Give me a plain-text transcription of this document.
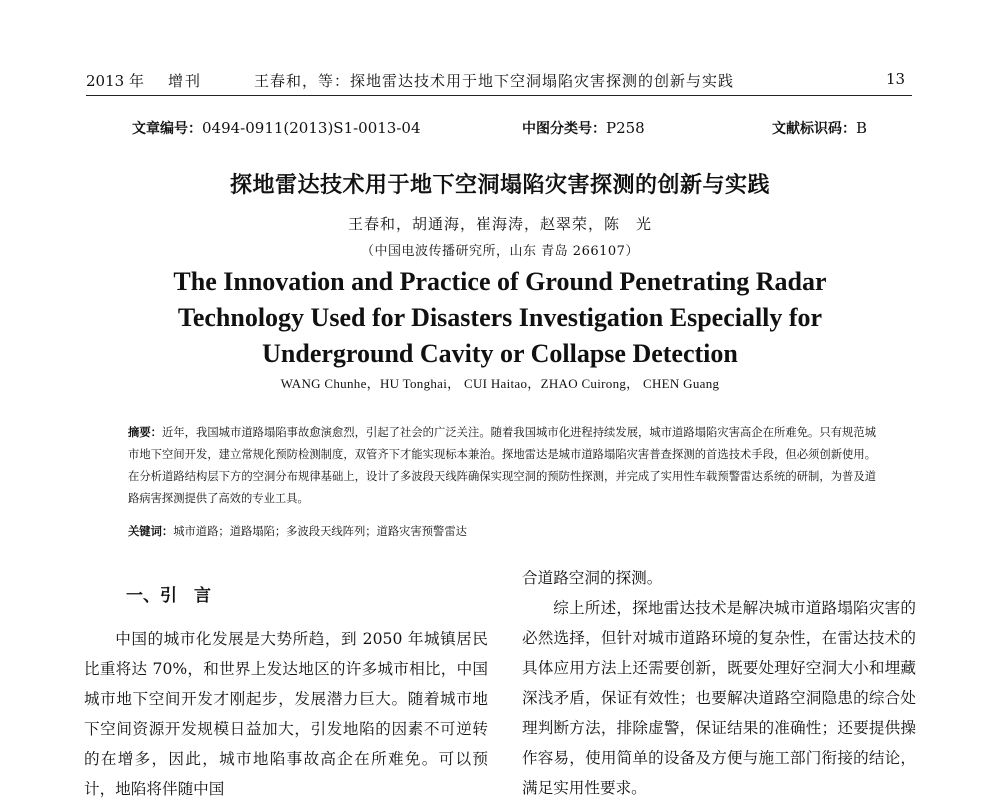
2013 年 增刊	王春和，等：探地雷达技术用于地下空洞塌陷灾害探测的创新与实践	13
文章编号：0494-0911(2013)S1-0013-04	中图分类号：P258	文献标识码：B
探地雷达技术用于地下空洞塌陷灾害探测的创新与实践
王春和，胡通海，崔海涛，赵翠荣，陈　光
（中国电波传播研究所，山东 青岛 266107）
The Innovation and Practice of Ground Penetrating Radar Technology Used for Disasters Investigation Especially for Underground Cavity or Collapse Detection
WANG Chunhe，HU Tonghai， CUI Haitao，ZHAO Cuirong， CHEN Guang
摘要：近年，我国城市道路塌陷事故愈演愈烈，引起了社会的广泛关注。随着我国城市化进程持续发展，城市道路塌陷灾害高企在所难免。只有规范城市地下空间开发，建立常规化预防检测制度，双管齐下才能实现标本兼治。探地雷达是城市道路塌陷灾害普查探测的首选技术手段，但必须创新使用。在分析道路结构层下方的空洞分布规律基础上，设计了多波段天线阵确保实现空洞的预防性探测，并完成了实用性车载预警雷达系统的研制，为普及道路病害探测提供了高效的专业工具。
关键词：城市道路；道路塌陷；多波段天线阵列；道路灾害预警雷达
一、引　言

中国的城市化发展是大势所趋，到 2050 年城镇居民比重将达 70%，和世界上发达地区的许多城市相比，中国城市地下空间开发才刚起步，发展潜力巨大。随着城市地下空间资源开发规模日益加大，引发地陷的因素不可逆转的在增多，因此，城市地陷事故高企在所难免。可以预计，地陷将伴随中国

合道路空洞的探测。

综上所述，探地雷达技术是解决城市道路塌陷灾害的必然选择，但针对城市道路环境的复杂性，在雷达技术的具体应用方法上还需要创新，既要处理好空洞大小和埋藏深浅矛盾，保证有效性；也要解决道路空洞隐患的综合处理判断方法，排除虚警，保证结果的准确性；还要提供操作容易，使用简单的设备及方便与施工部门衔接的结论，满足实用性要求。
